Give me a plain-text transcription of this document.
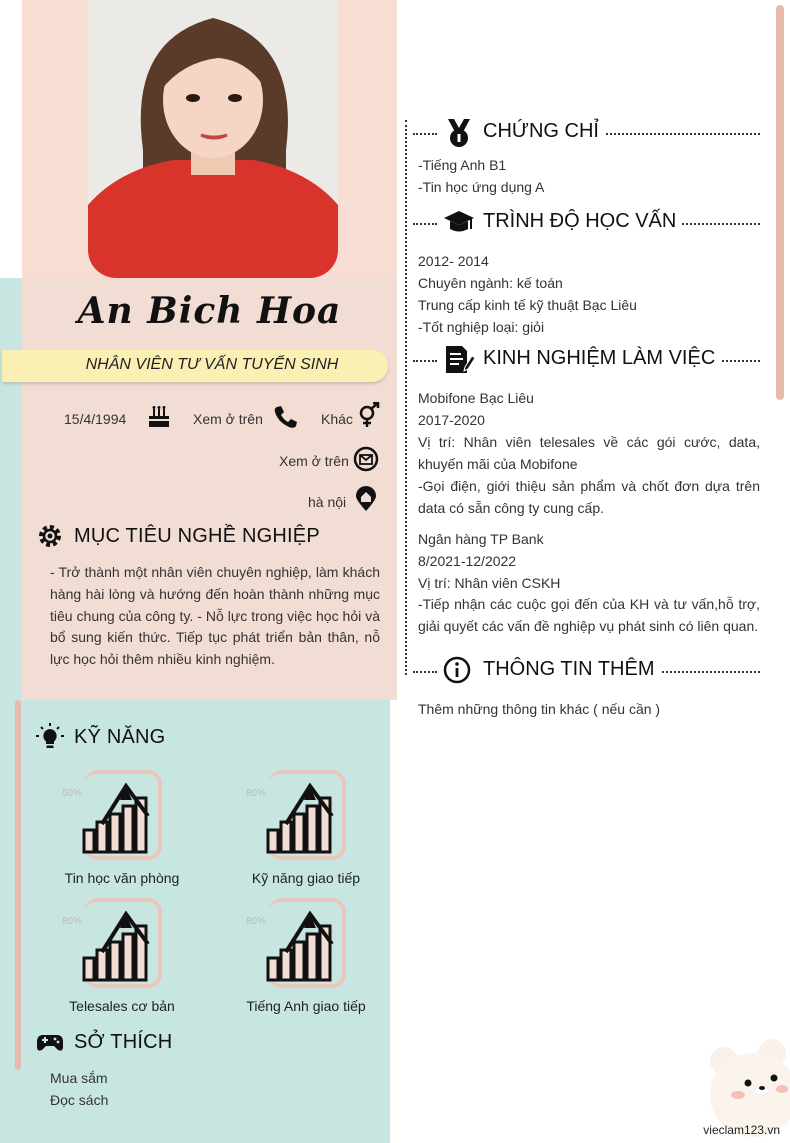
An Bich Hoa
NHÂN VIÊN TƯ VẤN TUYỂN SINH
15/4/1994	Xem ở trên	Khác
Xem ở trên
hà nội
MỤC TIÊU NGHỀ NGHIỆP
- Trở thành một nhân viên chuyên nghiệp, làm khách hàng hài lòng và hướng đến hoàn thành những mục tiêu chung của công ty. - Nỗ lực trong việc học hỏi và bổ sung kiến thức. Tiếp tục phát triển bản thân, nỗ lực học hỏi thêm nhiều kinh nghiệm.
KỸ NĂNG
50%
Tin học văn phòng
80%
Kỹ năng giao tiếp
80%
Telesales cơ bản
80%
Tiếng Anh giao tiếp
SỞ THÍCH
Mua sắm
Đọc sách
CHỨNG CHỈ
-Tiếng Anh B1
-Tin học ứng dụng A
TRÌNH ĐỘ HỌC VẤN
2012- 2014
Chuyên ngành: kế toán
Trung cấp kinh tế kỹ thuật Bạc Liêu
-Tốt nghiệp loại: giỏi
KINH NGHIỆM LÀM VIỆC
Mobifone Bạc Liêu
2017-2020
Vị trí: Nhân viên telesales về các gói cước, data, khuyến mãi của Mobifone
-Gọi điện, giới thiệu sản phẩm và chốt đơn dựa trên data có sẵn công ty cung cấp.
Ngân hàng TP Bank
8/2021-12/2022
Vị trí: Nhân viên CSKH
-Tiếp nhận các cuộc gọi đến của KH và tư vấn,hỗ trợ, giải quyết các vấn đề nghiệp vụ phát sinh có liên quan.
THÔNG TIN THÊM
Thêm những thông tin khác ( nếu cần )
vieclam123.vn
